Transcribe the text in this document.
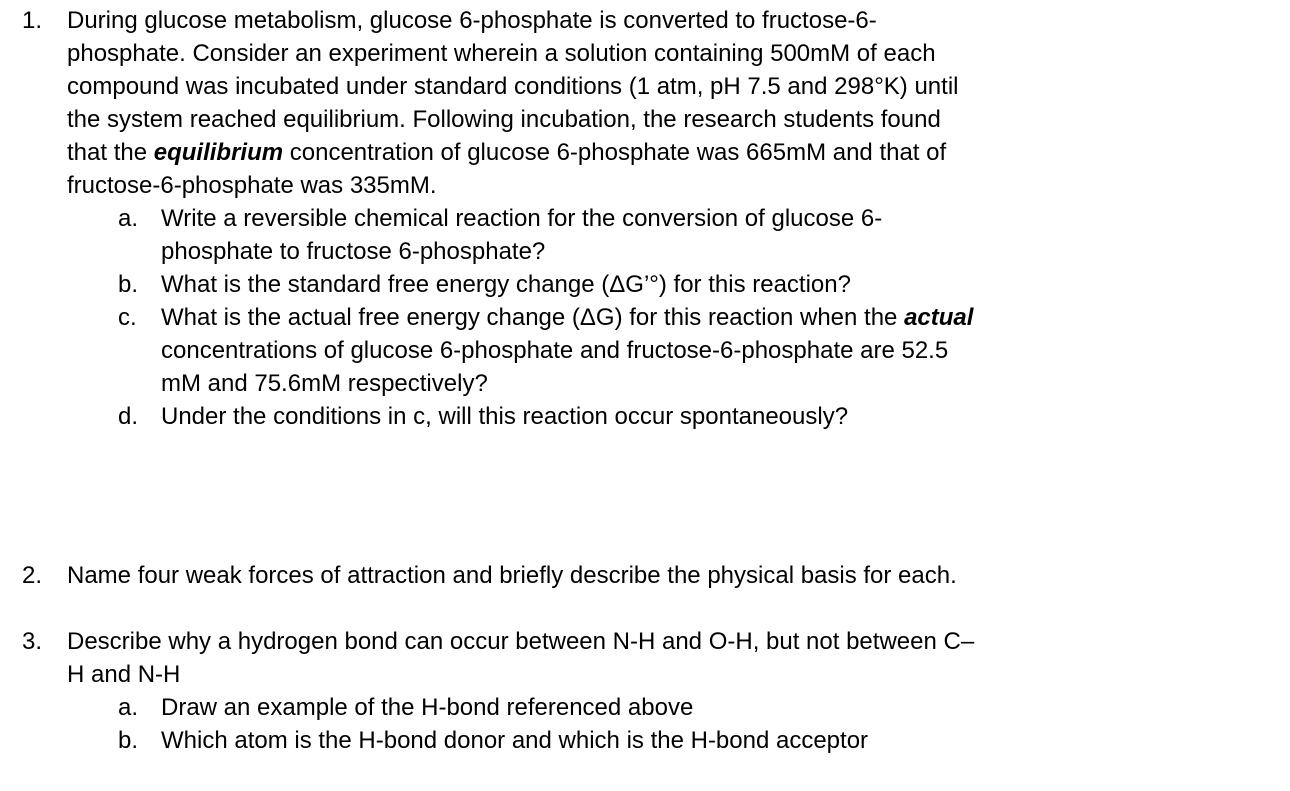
1. During glucose metabolism, glucose 6-phosphate is converted to fructose-6-
phosphate. Consider an experiment wherein a solution containing 500mM of each
compound was incubated under standard conditions (1 atm, pH 7.5 and 298°K) until
the system reached equilibrium. Following incubation, the research students found
that the equilibrium concentration of glucose 6-phosphate was 665mM and that of
fructose-6-phosphate was 335mM.
a. Write a reversible chemical reaction for the conversion of glucose 6-
phosphate to fructose 6-phosphate?
b. What is the standard free energy change (ΔG’°) for this reaction?
c. What is the actual free energy change (ΔG) for this reaction when the actual
concentrations of glucose 6-phosphate and fructose-6-phosphate are 52.5
mM and 75.6mM respectively?
d. Under the conditions in c, will this reaction occur spontaneously?
2. Name four weak forces of attraction and briefly describe the physical basis for each.
3. Describe why a hydrogen bond can occur between N-H and O-H, but not between C–
H and N-H
a. Draw an example of the H-bond referenced above
b. Which atom is the H-bond donor and which is the H-bond acceptor
